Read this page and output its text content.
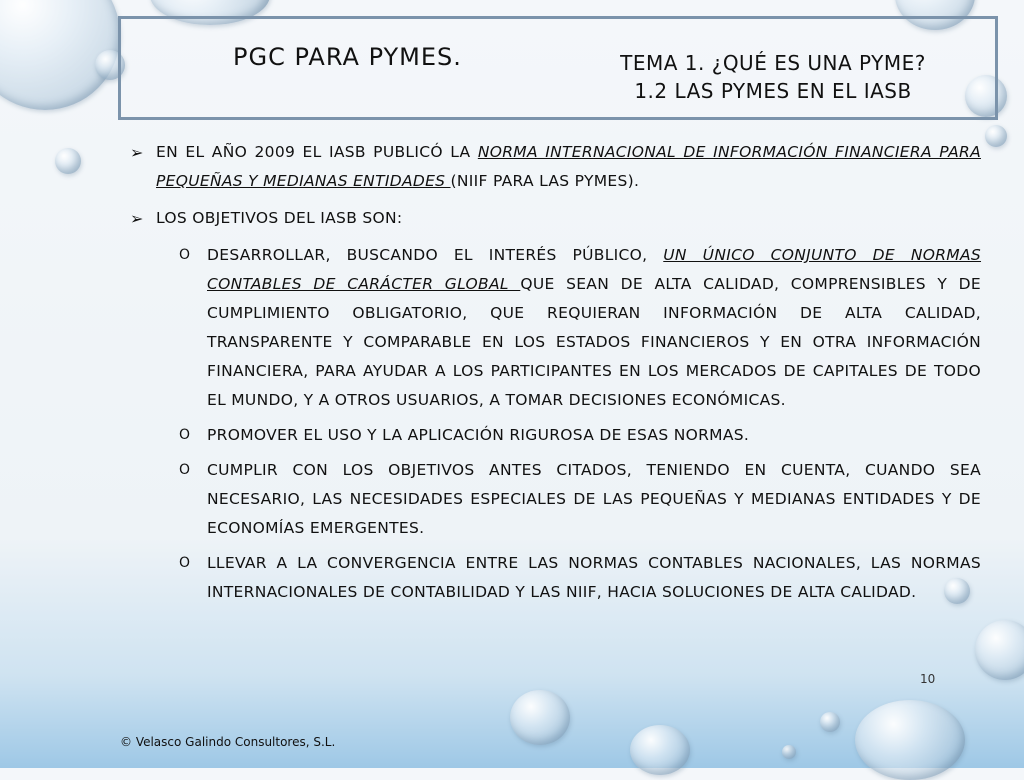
PGC PARA PYMES.	TEMA 1. ¿QUÉ ES UNA PYME?
1.2 LAS PYMES EN EL IASB
➢ EN EL AÑO 2009 EL IASB PUBLICÓ LA NORMA INTERNACIONAL DE INFORMACIÓN FINANCIERA PARA PEQUEÑAS Y MEDIANAS ENTIDADES (NIIF PARA LAS PYMES).
➢ LOS OBJETIVOS DEL IASB SON:
O DESARROLLAR, BUSCANDO EL INTERÉS PÚBLICO, UN ÚNICO CONJUNTO DE NORMAS CONTABLES DE CARÁCTER GLOBAL QUE SEAN DE ALTA CALIDAD, COMPRENSIBLES Y DE CUMPLIMIENTO OBLIGATORIO, QUE REQUIERAN INFORMACIÓN DE ALTA CALIDAD, TRANSPARENTE Y COMPARABLE EN LOS ESTADOS FINANCIEROS Y EN OTRA INFORMACIÓN FINANCIERA, PARA AYUDAR A LOS PARTICIPANTES EN LOS MERCADOS DE CAPITALES DE TODO EL MUNDO, Y A OTROS USUARIOS, A TOMAR DECISIONES ECONÓMICAS.
O PROMOVER EL USO Y LA APLICACIÓN RIGUROSA DE ESAS NORMAS.
O CUMPLIR CON LOS OBJETIVOS ANTES CITADOS, TENIENDO EN CUENTA, CUANDO SEA NECESARIO, LAS NECESIDADES ESPECIALES DE LAS PEQUEÑAS Y MEDIANAS ENTIDADES Y DE ECONOMÍAS EMERGENTES.
O LLEVAR A LA CONVERGENCIA ENTRE LAS NORMAS CONTABLES NACIONALES, LAS NORMAS INTERNACIONALES DE CONTABILIDAD Y LAS NIIF, HACIA SOLUCIONES DE ALTA CALIDAD.
10
© Velasco Galindo Consultores, S.L.
